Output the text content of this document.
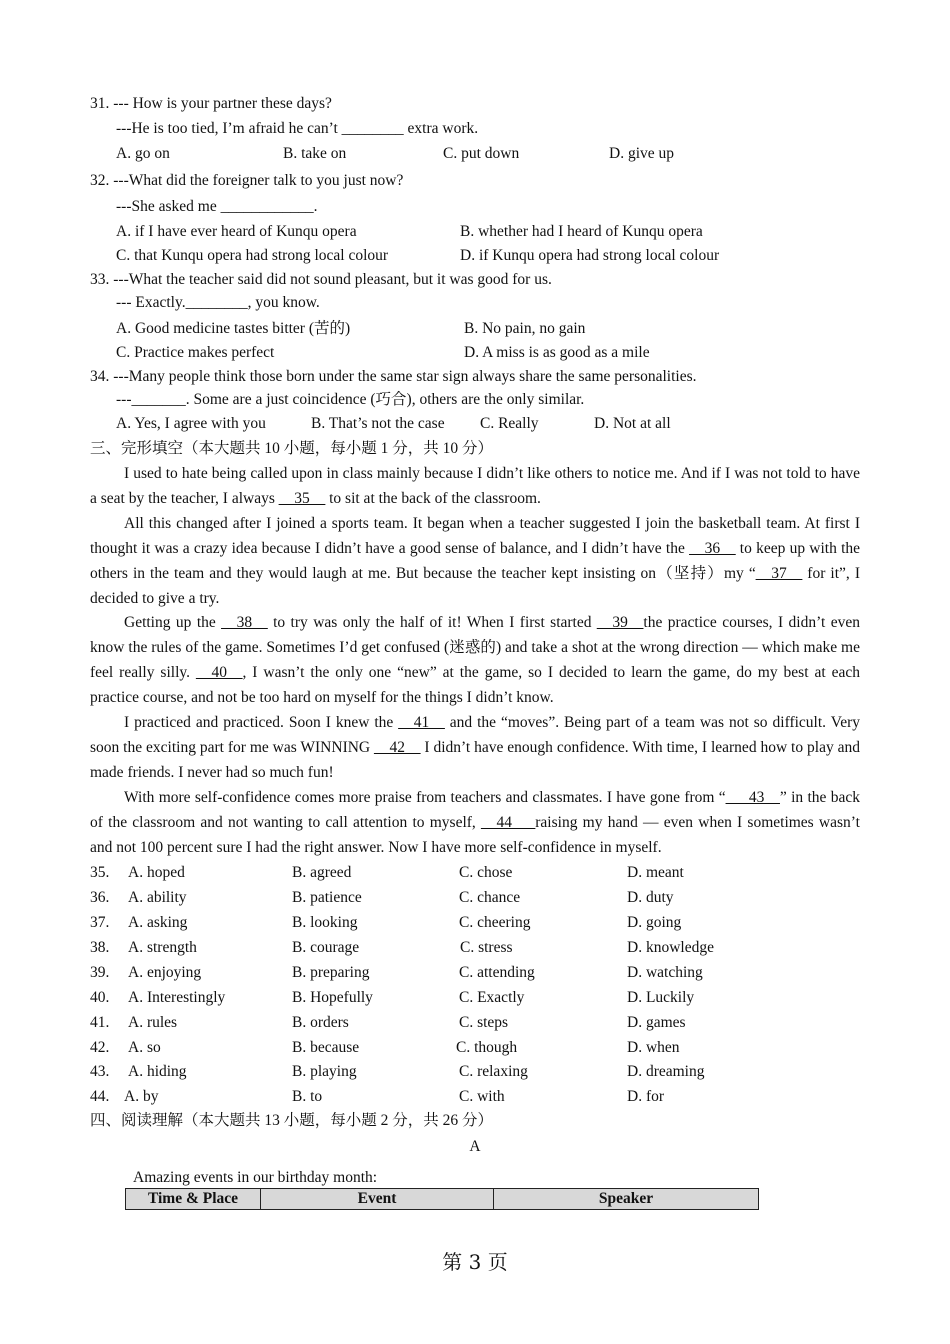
31. --- How is your partner these days?
---He is too tied, I’m afraid he can’t ________ extra work.
A. go on	B. take on	C. put down	D. give up
32. ---What did the foreigner talk to you just now?
---She asked me ____________.
A. if I have ever heard of Kunqu opera	B. whether had I heard of Kunqu opera
C. that Kunqu opera had strong local colour	D. if Kunqu opera had strong local colour
33. ---What the teacher said did not sound pleasant, but it was good for us.
--- Exactly.________, you know.
A. Good medicine tastes bitter (苦的)	B. No pain, no gain
C. Practice makes perfect	D. A miss is as good as a mile
34. ---Many people think those born under the same star sign always share the same personalities.
---_______. Some are a just coincidence (巧合), others are the only similar.
A. Yes, I agree with you	B. That’s not the case C. Really	D. Not at all
三、完形填空（本大题共 10 小题，每小题 1 分，共 10 分）

I used to hate being called upon in class mainly because I didn’t like others to notice me. And if I was not told to have a seat by the teacher, I always __35__ to sit at the back of the classroom.

All this changed after I joined a sports team. It began when a teacher suggested I join the basketball team. At first I thought it was a crazy idea because I didn’t have a good sense of balance, and I didn’t have the __36__ to keep up with the others in the team and they would laugh at me. But because the teacher kept insisting on（坚持）my “__37__ for it”, I decided to give a try.

Getting up the __38__ to try was only the half of it! When I first started __39__the practice courses, I didn’t even know the rules of the game. Sometimes I’d get confused (迷惑的) and take a shot at the wrong direction — which make me feel really silly. __40__, I wasn’t the only one “new” at the game, so I decided to learn the game, do my best at each practice course, and not be too hard on myself for the things I didn’t know.

I practiced and practiced. Soon I knew the __41__ and the “moves”. Being part of a team was not so difficult. Very soon the exciting part for me was WINNING __42__ I didn’t have enough confidence. With time, I learned how to play and made friends. I never had so much fun!

With more self-confidence comes more praise from teachers and classmates. I have gone from “___43__” in the back of the classroom and not wanting to call attention to myself, __44___raising my hand — even when I sometimes wasn’t and not 100 percent sure I had the right answer. Now I have more self-confidence in myself.

35. A. hoped	B. agreed	C. chose	D. meant
36. A. ability	B. patience	C. chance	D. duty
37. A. asking	B. looking	C. cheering	D. going
38. A. strength	B. courage	C. stress	D. knowledge
39. A. enjoying	B. preparing	C. attending	D. watching
40. A. Interestingly	B. Hopefully	C. Exactly	D. Luckily
41. A. rules	B. orders	C. steps	D. games
42. A. so	B. because	C. though	D. when
43. A. hiding	B. playing	C. relaxing	D. dreaming
44. A. by	B. to	C. with	D. for
四、阅读理解（本大题共 13 小题，每小题 2 分，共 26 分）
A
Amazing events in our birthday month:
Time & Place	Event	Speaker
第 3 页
